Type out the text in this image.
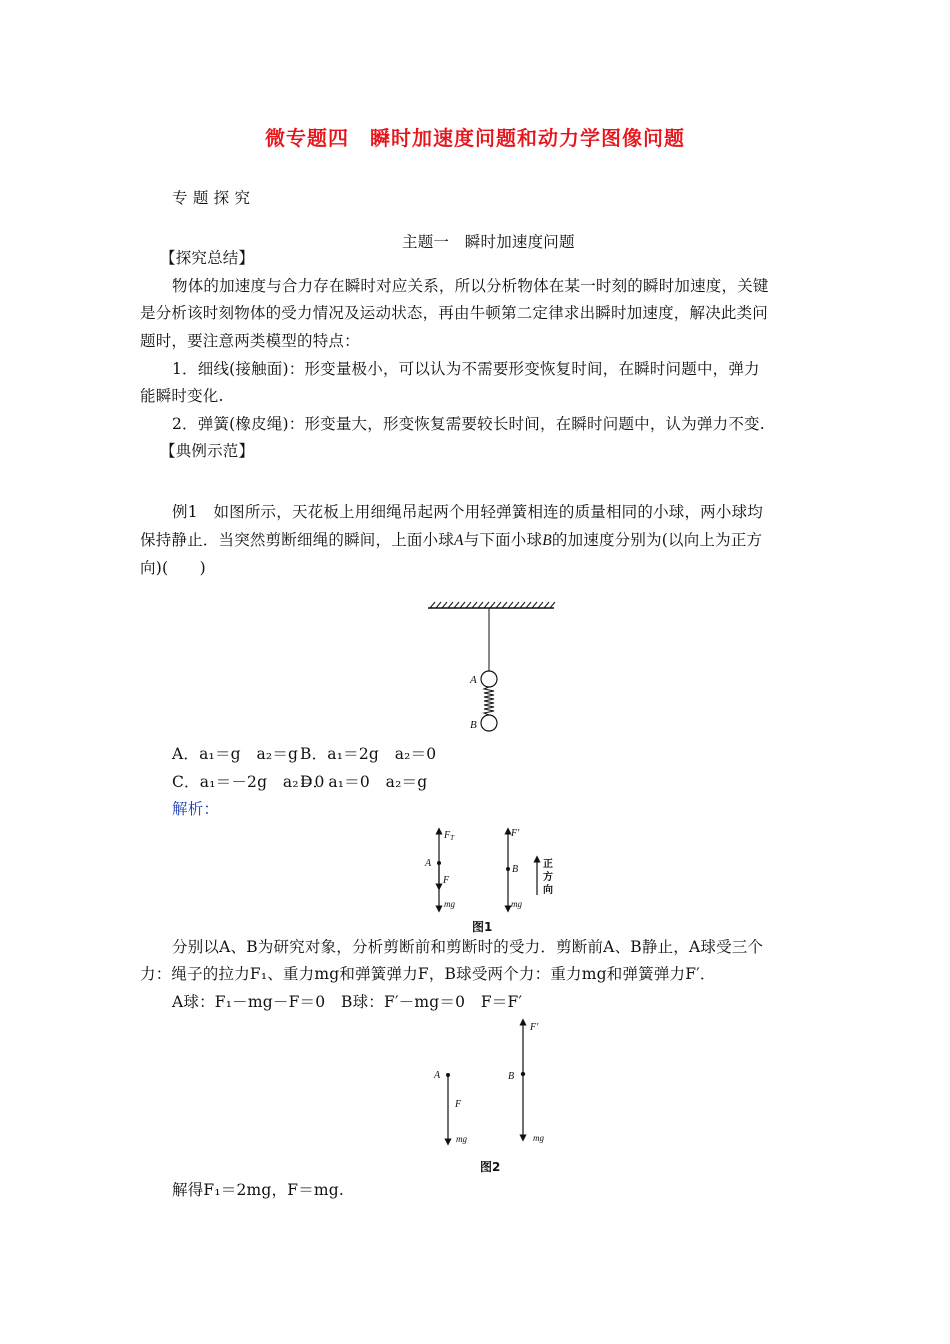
微专题四　瞬时加速度问题和动力学图像问题
专 题 探 究
主题一　瞬时加速度问题
【探究总结】
物体的加速度与合力存在瞬时对应关系，所以分析物体在某一时刻的瞬时加速度，关键
是分析该时刻物体的受力情况及运动状态，再由牛顿第二定律求出瞬时加速度，解决此类问
题时，要注意两类模型的特点：
1．细线(接触面)：形变量极小，可以认为不需要形变恢复时间，在瞬时问题中，弹力
能瞬时变化.
2．弹簧(橡皮绳)：形变量大，形变恢复需要较长时间，在瞬时问题中，认为弹力不变.
【典例示范】
例1　如图所示，天花板上用细绳吊起两个用轻弹簧相连的质量相同的小球，两小球均
保持静止．当突然剪断细绳的瞬间，上面小球A与下面小球B的加速度分别为(以向上为正方
向)(　　)
A
B
A．a₁＝g　a₂＝g B．a₁＝2g　a₂＝0
C．a₁＝－2g　a₂＝0
D．a₁＝0　a₂＝g
解析：
$F_T$
A
F
mg
F′
B
mg
正
方
向
图1
分别以A、B为研究对象，分析剪断前和剪断时的受力．剪断前A、B静止，A球受三个
力：绳子的拉力F₁、重力mg和弹簧弹力F，B球受两个力：重力mg和弹簧弹力F′．
A球：F₁－mg－F＝0　B球：F′－mg＝0　F＝F′
A
F
mg
F′
B
mg
图2
解得F₁＝2mg，F＝mg.
